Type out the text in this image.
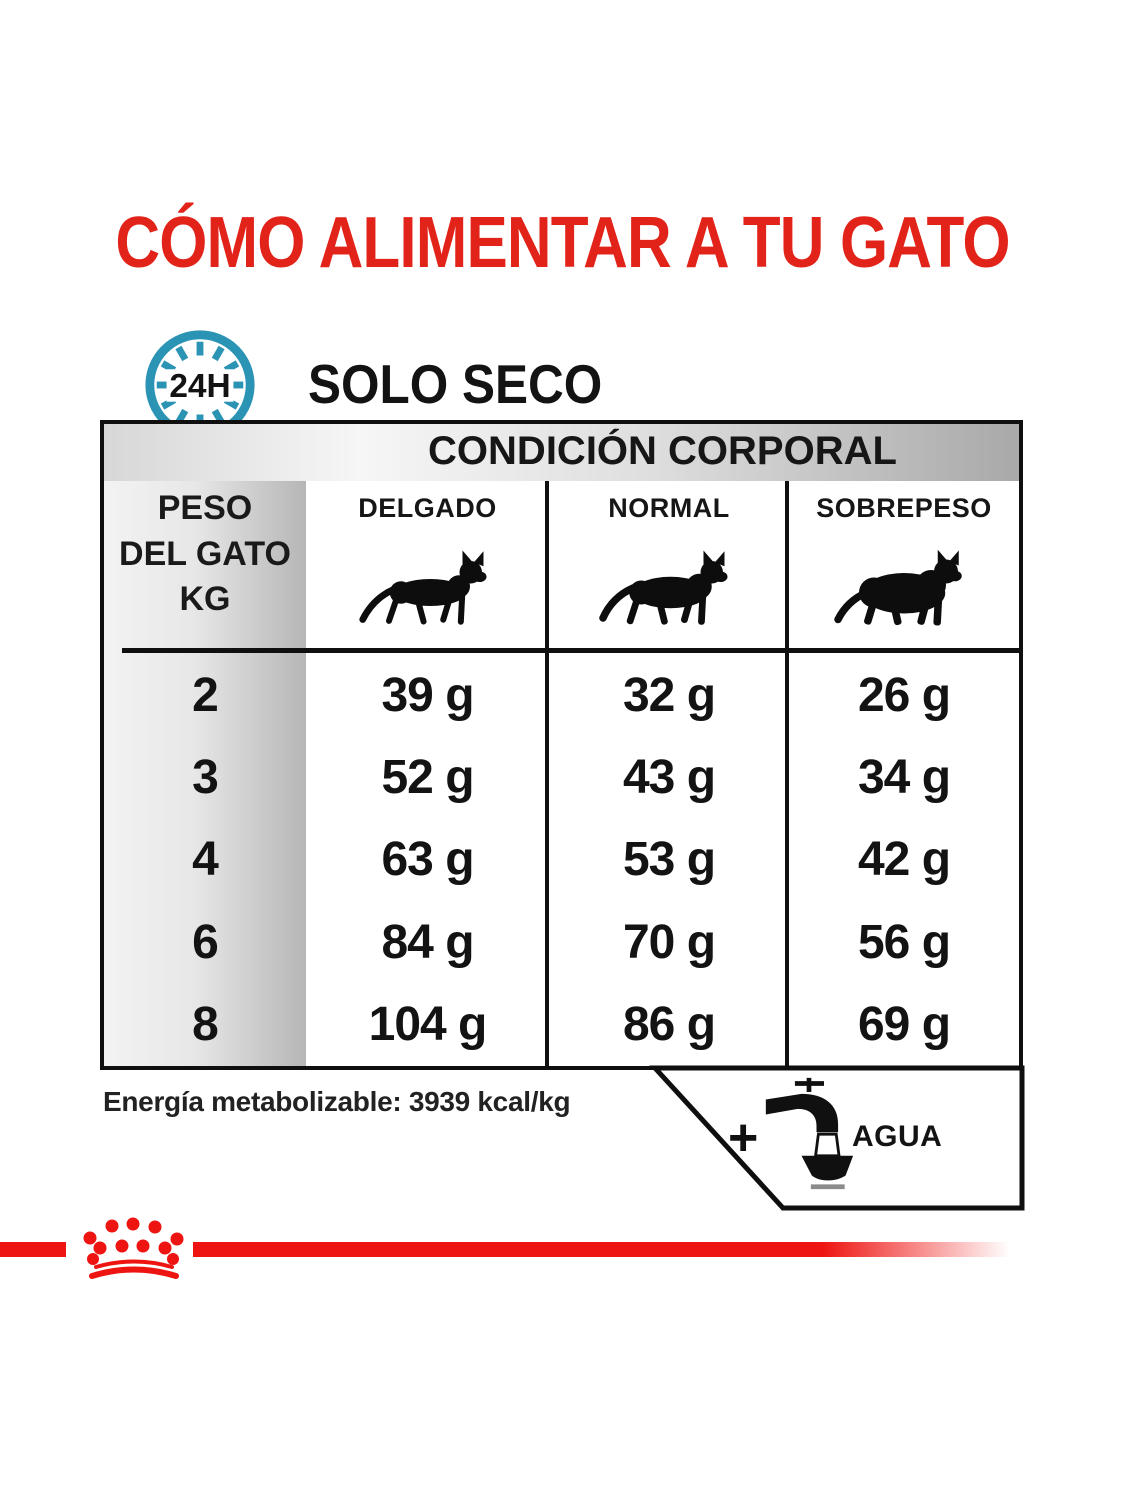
CÓMO ALIMENTAR A TU GATO
24H SOLO SECO
CONDICIÓN CORPORAL
PESO
DEL GATO
KG
DELGADO	NORMAL	SOBREPESO
2	39 g	32 g	26 g
3	52 g	43 g	34 g
4	63 g	53 g	42 g
6	84 g	70 g	56 g
8	104 g	86 g	69 g
Energía metabolizable: 3939 kcal/kg
+	AGUA
